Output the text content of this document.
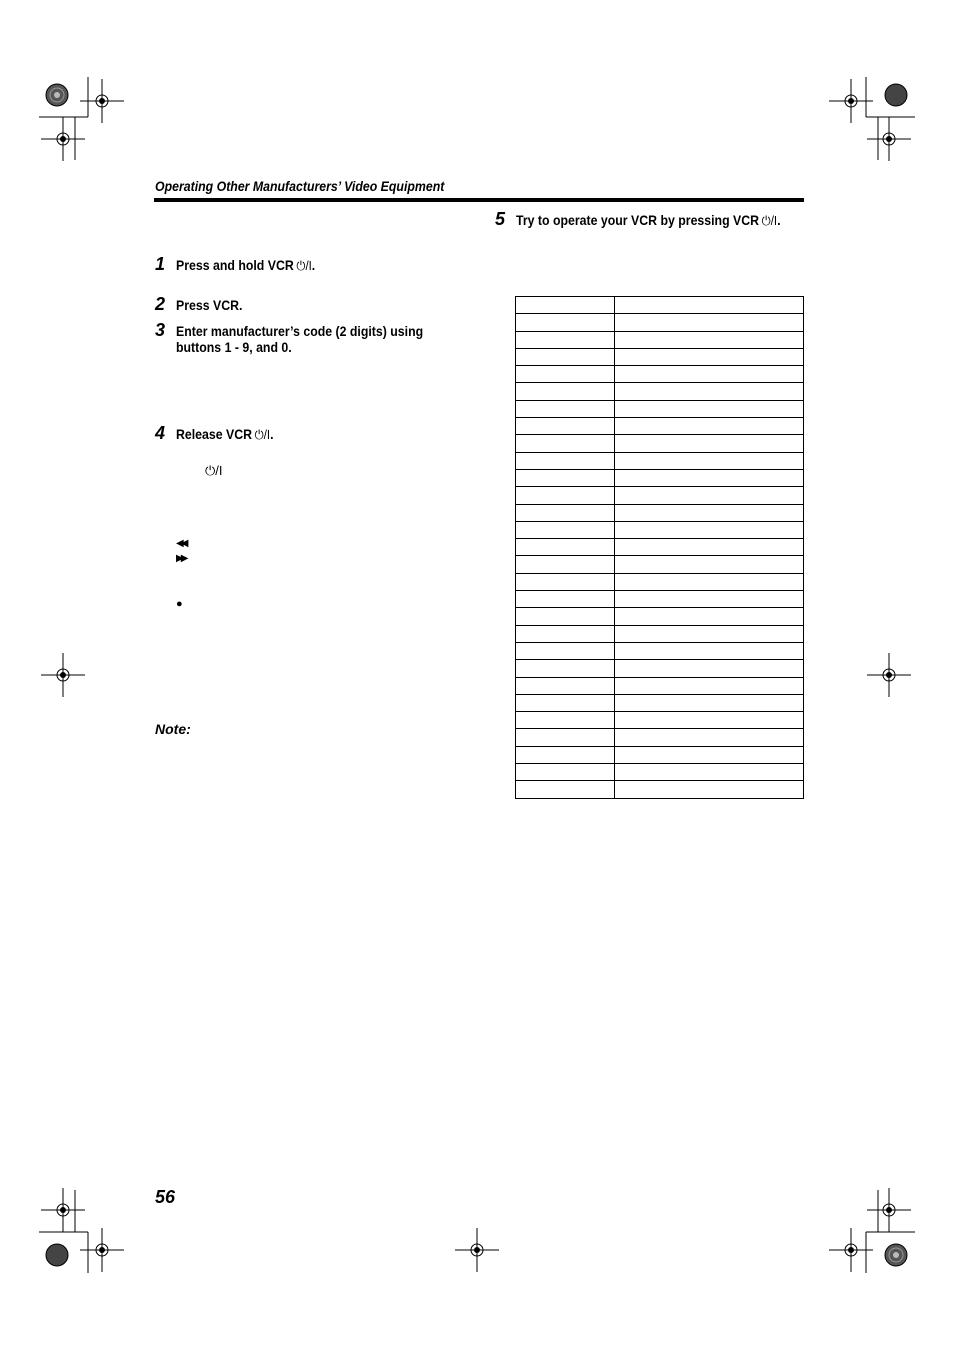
Operating Other Manufacturers’ Video Equipment
1 Press and hold VCR ⏻/I.
2 Press VCR.
3 Enter manufacturer’s code (2 digits) using
buttons 1 - 9, and 0.
4 Release VCR ⏻/I.
⏻/I
◀◀
▶▶
●
Note:
5 Try to operate your VCR by pressing VCR ⏻/I.

56
